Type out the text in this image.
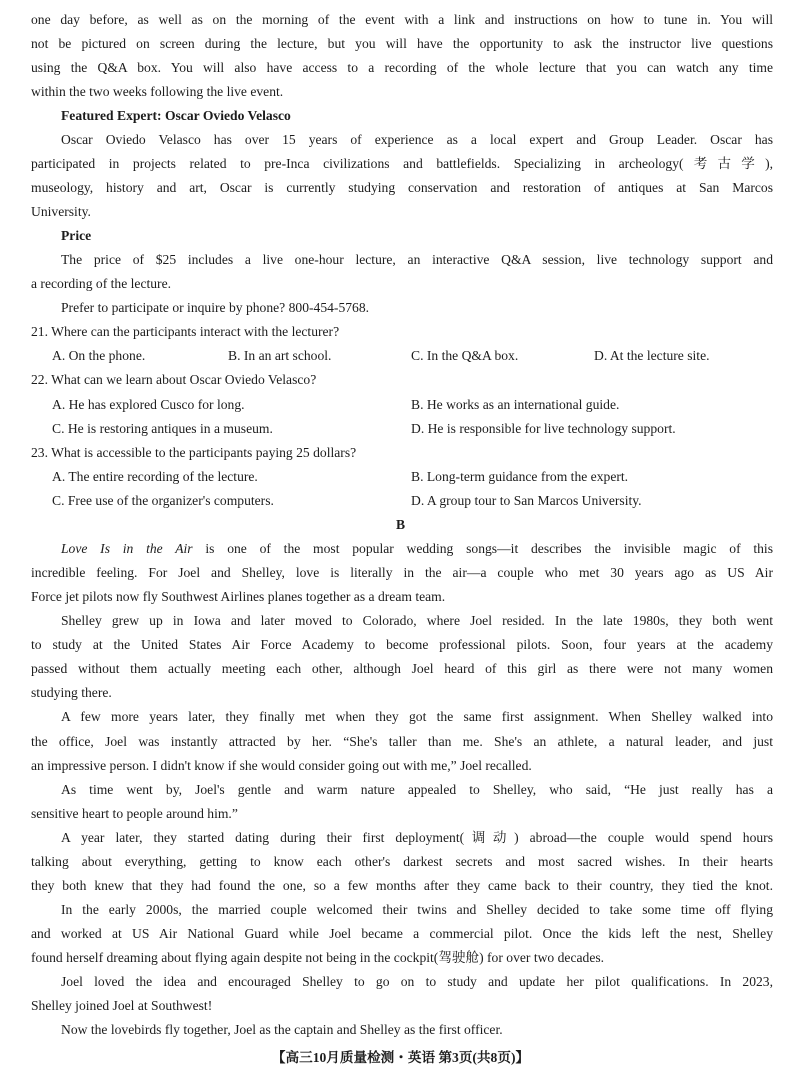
one day before, as well as on the morning of the event with a link and instructions on how to tune in. You will
not be pictured on screen during the lecture, but you will have the opportunity to ask the instructor live questions
using the Q&A box. You will also have access to a recording of the whole lecture that you can watch any time
within the two weeks following the live event.
Featured Expert: Oscar Oviedo Velasco
Oscar Oviedo Velasco has over 15 years of experience as a local expert and Group Leader. Oscar has
participated in projects related to pre-Inca civilizations and battlefields. Specializing in archeology(考古学),
museology, history and art, Oscar is currently studying conservation and restoration of antiques at San Marcos
University.
Price
The price of $25 includes a live one-hour lecture, an interactive Q&A session, live technology support and
a recording of the lecture.
Prefer to participate or inquire by phone? 800-454-5768.
21. Where can the participants interact with the lecturer?
A. On the phone.	B. In an art school.	C. In the Q&A box.	D. At the lecture site.
22. What can we learn about Oscar Oviedo Velasco?
A. He has explored Cusco for long.	B. He works as an international guide.
C. He is restoring antiques in a museum.	D. He is responsible for live technology support.
23. What is accessible to the participants paying 25 dollars?
A. The entire recording of the lecture.	B. Long-term guidance from the expert.
C. Free use of the organizer's computers.	D. A group tour to San Marcos University.
B
Love Is in the Air is one of the most popular wedding songs—it describes the invisible magic of this
incredible feeling. For Joel and Shelley, love is literally in the air—a couple who met 30 years ago as US Air
Force jet pilots now fly Southwest Airlines planes together as a dream team.
Shelley grew up in Iowa and later moved to Colorado, where Joel resided. In the late 1980s, they both went
to study at the United States Air Force Academy to become professional pilots. Soon, four years at the academy
passed without them actually meeting each other, although Joel heard of this girl as there were not many women
studying there.
A few more years later, they finally met when they got the same first assignment. When Shelley walked into
the office, Joel was instantly attracted by her. “She's taller than me. She's an athlete, a natural leader, and just
an impressive person. I didn't know if she would consider going out with me,” Joel recalled.
As time went by, Joel's gentle and warm nature appealed to Shelley, who said, “He just really has a
sensitive heart to people around him.”
A year later, they started dating during their first deployment(调动) abroad—the couple would spend hours
talking about everything, getting to know each other's darkest secrets and most sacred wishes. In their hearts
they both knew that they had found the one, so a few months after they came back to their country, they tied the knot.
In the early 2000s, the married couple welcomed their twins and Shelley decided to take some time off flying
and worked at US Air National Guard while Joel became a commercial pilot. Once the kids left the nest, Shelley
found herself dreaming about flying again despite not being in the cockpit(驾驶舱) for over two decades.
Joel loved the idea and encouraged Shelley to go on to study and update her pilot qualifications. In 2023,
Shelley joined Joel at Southwest!
Now the lovebirds fly together, Joel as the captain and Shelley as the first officer.
【高三10月质量检测・英语 第3页(共8页)】
